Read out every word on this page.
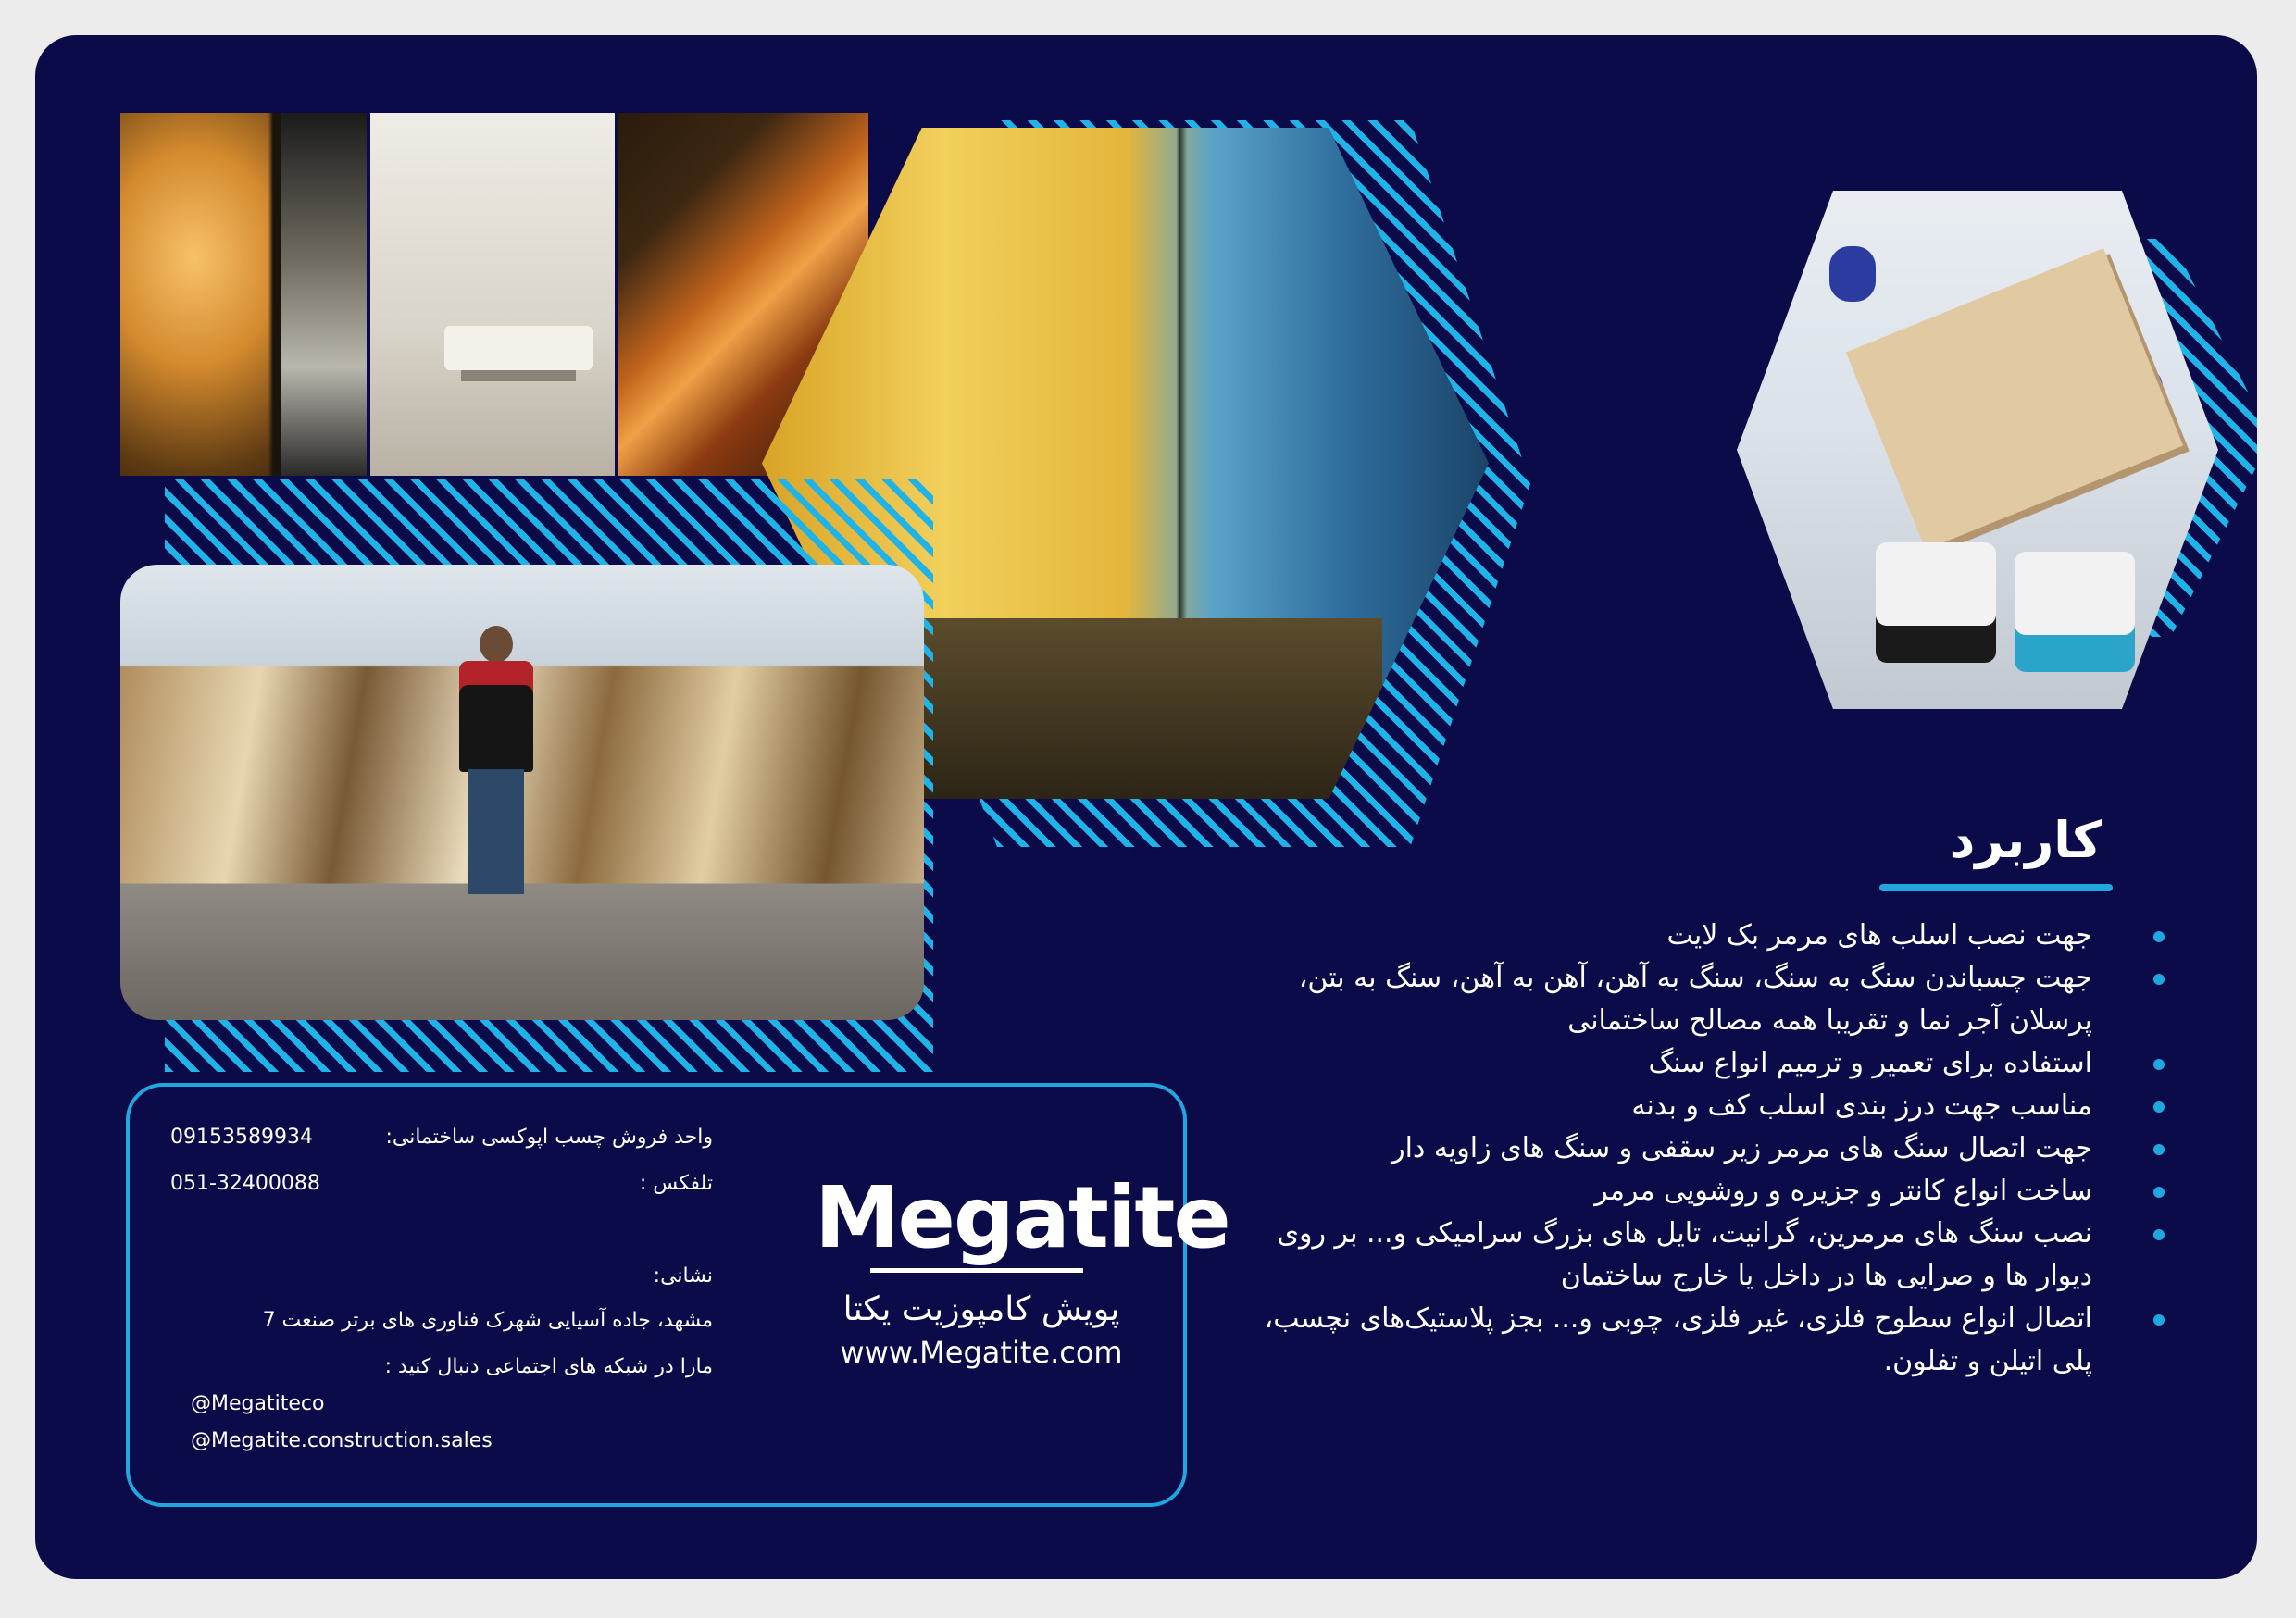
کاربرد
جهت نصب اسلب های مرمر بک لایت
جهت چسباندن سنگ به سنگ، سنگ به آهن، آهن به آهن، سنگ به بتن، پرسلان آجر نما و تقریبا همه مصالح ساختمانی
استفاده برای تعمیر و ترمیم انواع سنگ
مناسب جهت درز بندی اسلب کف و بدنه
جهت اتصال سنگ های مرمر زیر سقفی و سنگ های زاویه دار
ساخت انواع کانتر و جزیره و روشویی مرمر
نصب سنگ های مرمرین، گرانیت، تایل های بزرگ سرامیکی و... بر روی دیوار ها و صرایی ها در داخل یا خارج ساختمان
اتصال انواع سطوح فلزی، غیر فلزی، چوبی و... بجز پلاستیک‌های نچسب، پلی اتیلن و تفلون.

واحد فروش چسب اپوکسی ساختمانی:

09153589934

تلفکس :

051-32400088

نشانی:

مشهد، جاده آسیایی شهرک فناوری های برتر صنعت 7

مارا در شبکه های اجتماعی دنبال کنید :

@Megatiteco

@Megatite.construction.sales

Megatite

پویش کامپوزیت یکتا

www.Megatite.com
